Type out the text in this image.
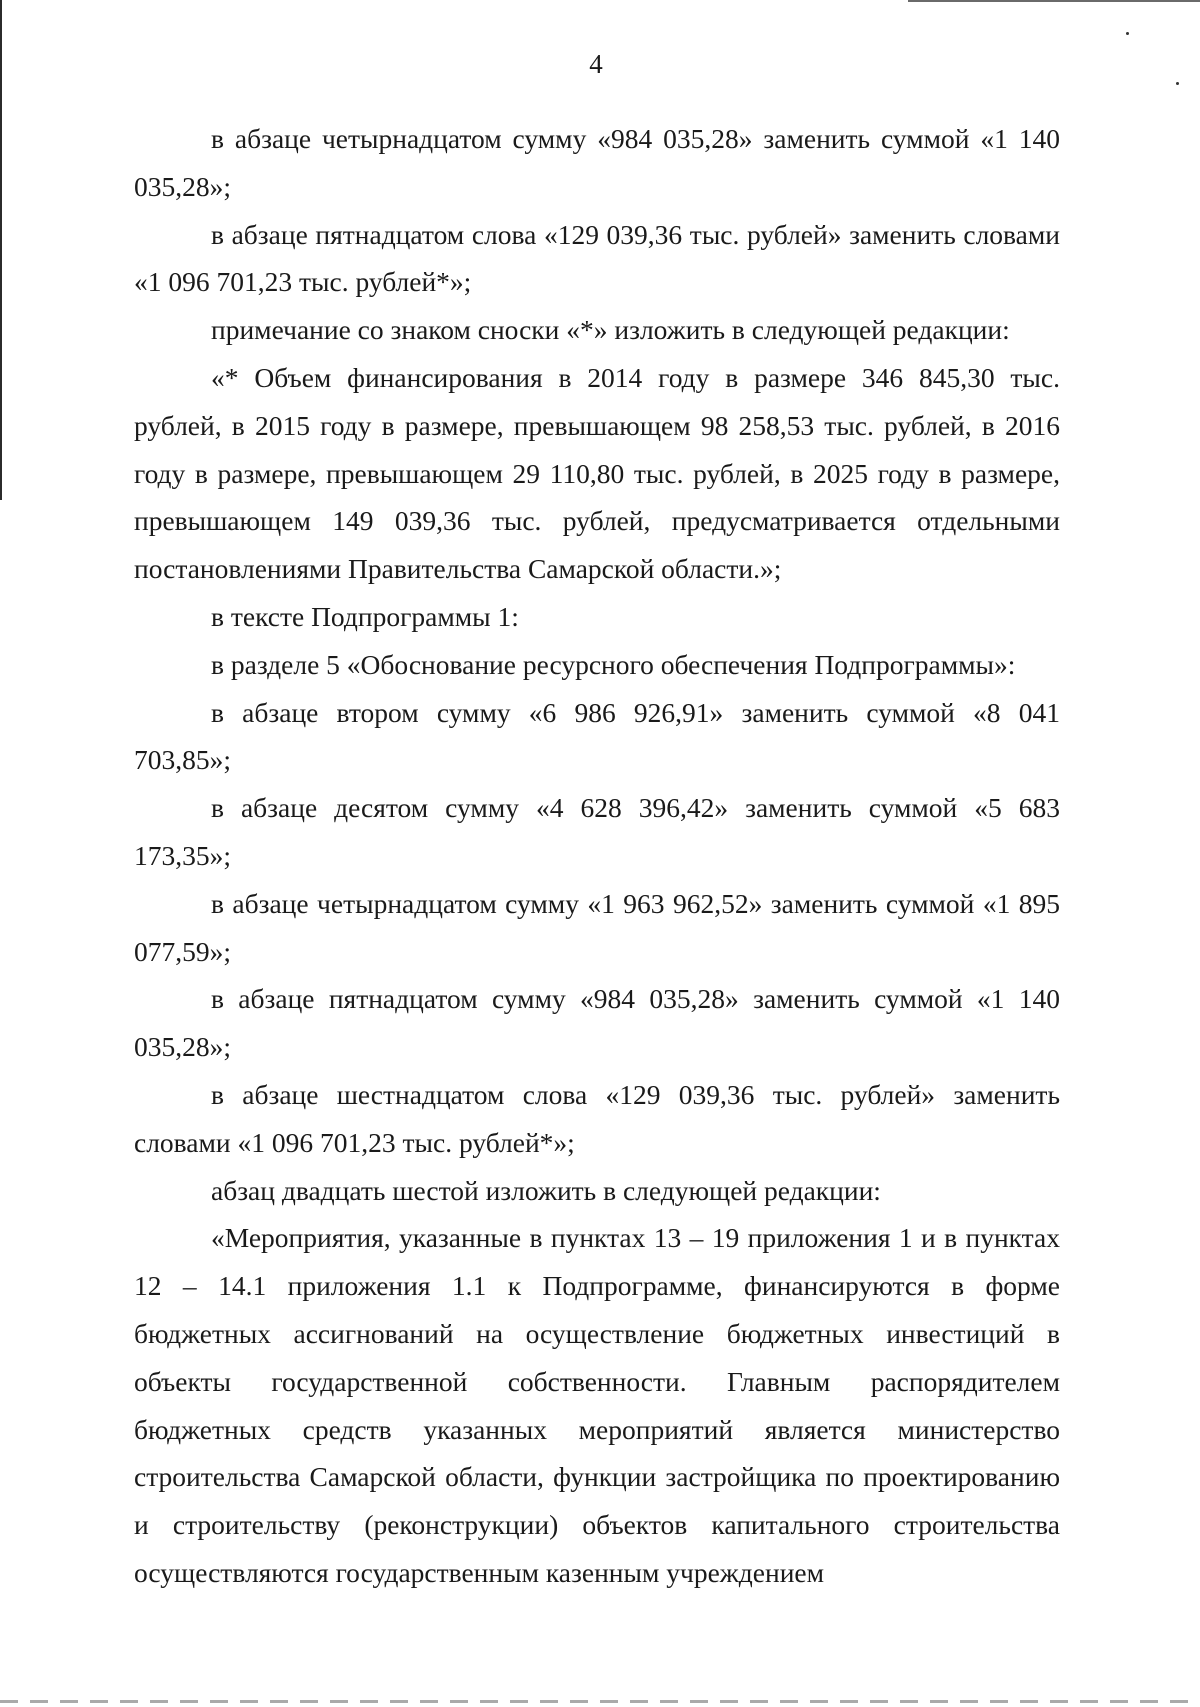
4

в абзаце четырнадцатом сумму «984 035,28» заменить суммой «1 140 035,28»;

в абзаце пятнадцатом слова «129 039,36 тыс. рублей» заменить словами «1 096 701,23 тыс. рублей*»;

примечание со знаком сноски «*» изложить в следующей редакции:

«* Объем финансирования в 2014 году в размере 346 845,30 тыс. рублей, в 2015 году в размере, превышающем 98 258,53 тыс. рублей, в 2016 году в размере, превышающем 29 110,80 тыс. рублей, в 2025 году в размере, превышающем 149 039,36 тыс. рублей, предусматривается отдельными постановлениями Правительства Самарской области.»;

в тексте Подпрограммы 1:

в разделе 5 «Обоснование ресурсного обеспечения Подпрограммы»:

в абзаце втором сумму «6 986 926,91» заменить суммой «8 041 703,85»;

в абзаце десятом сумму «4 628 396,42» заменить суммой «5 683 173,35»;

в абзаце четырнадцатом сумму «1 963 962,52» заменить суммой «1 895 077,59»;

в абзаце пятнадцатом сумму «984 035,28» заменить суммой «1 140 035,28»;

в абзаце шестнадцатом слова «129 039,36 тыс. рублей» заменить словами «1 096 701,23 тыс. рублей*»;

абзац двадцать шестой изложить в следующей редакции:

«Мероприятия, указанные в пунктах 13 – 19 приложения 1 и в пунктах 12 – 14.1 приложения 1.1 к Подпрограмме, финансируются в форме бюджетных ассигнований на осуществление бюджетных инвестиций в объекты государственной собственности. Главным распорядителем бюджетных средств указанных мероприятий является министерство строительства Самарской области, функции застройщика по проектированию и строительству (реконструкции) объектов капитального строительства осуществляются государственным казенным учреждением
